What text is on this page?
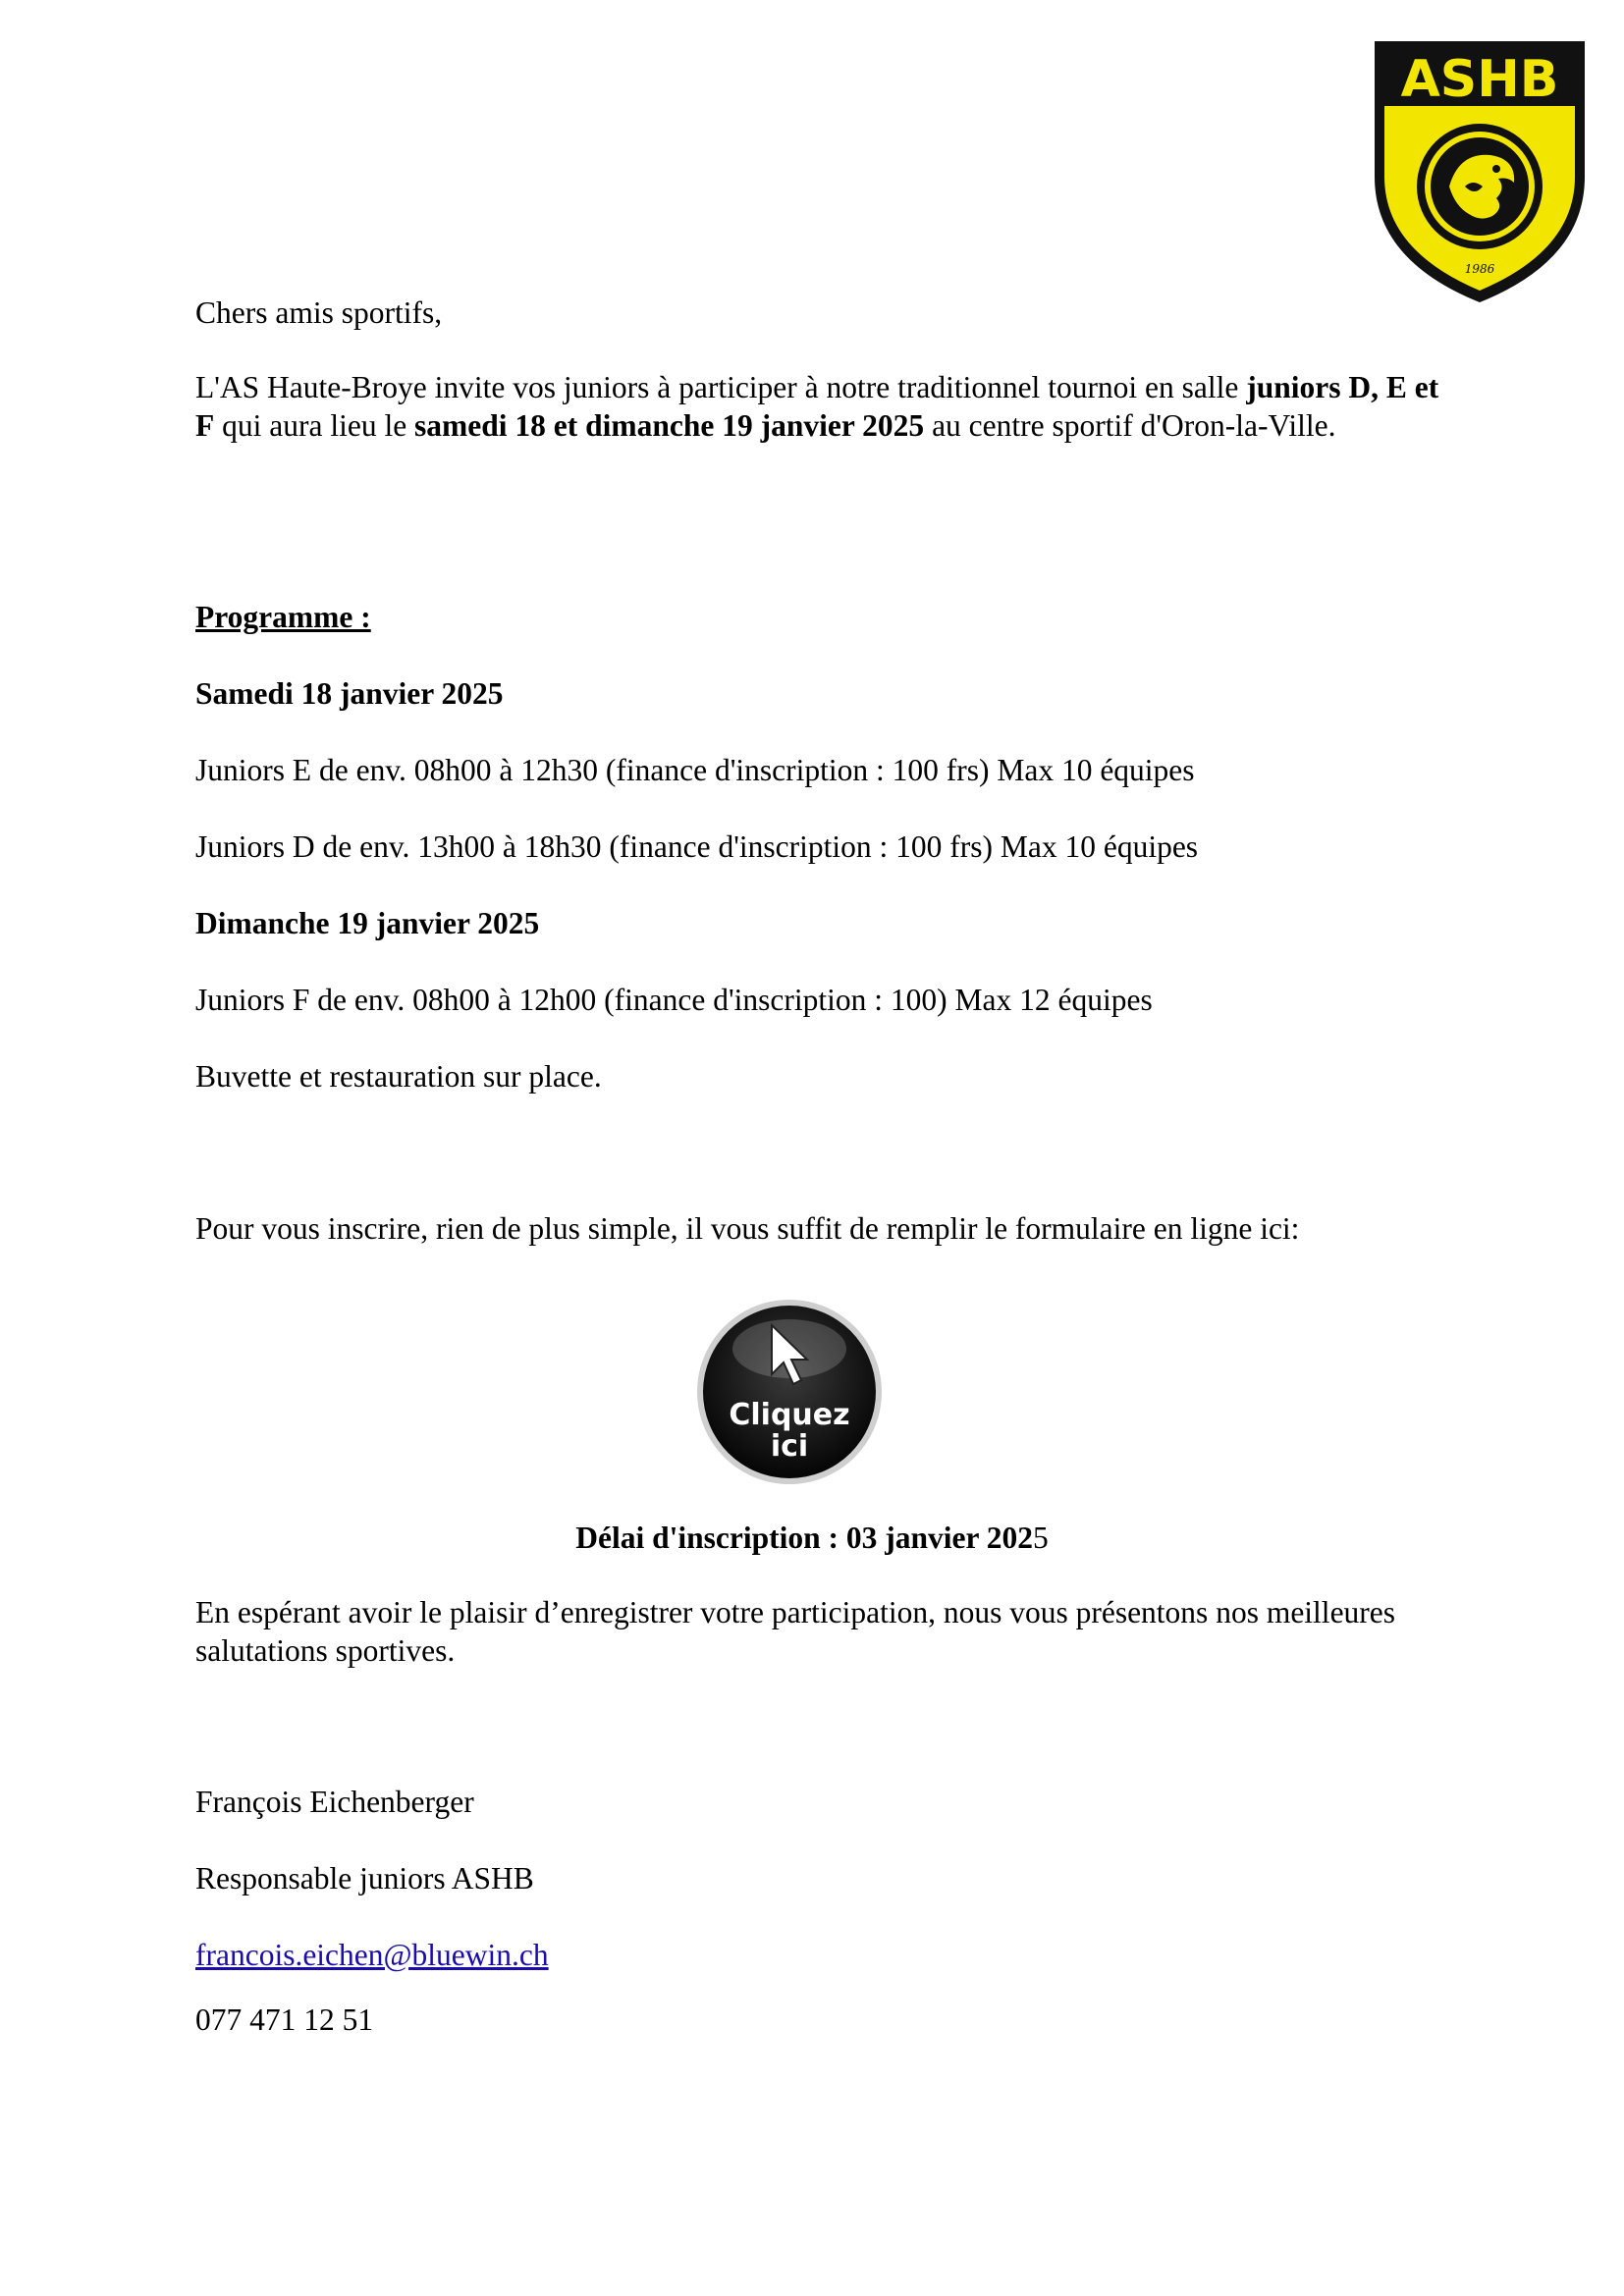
ASHB
1986
Chers amis sportifs,
L'AS Haute-Broye invite vos juniors à participer à notre traditionnel tournoi en salle juniors D, E et F qui aura lieu le samedi 18 et dimanche 19 janvier 2025 au centre sportif d'Oron-la-Ville.
Programme :
Samedi 18 janvier 2025
Juniors E de env. 08h00 à 12h30 (finance d'inscription : 100 frs) Max 10 équipes
Juniors D de env. 13h00 à 18h30 (finance d'inscription : 100 frs) Max 10 équipes
Dimanche 19 janvier 2025
Juniors F de env. 08h00 à 12h00 (finance d'inscription : 100) Max 12 équipes
Buvette et restauration sur place.
Pour vous inscrire, rien de plus simple, il vous suffit de remplir le formulaire en ligne ici:
Cliquez
ici
Délai d'inscription : 03 janvier 2025
En espérant avoir le plaisir d’enregistrer votre participation, nous vous présentons nos meilleures salutations sportives.
François Eichenberger
Responsable juniors ASHB
francois.eichen@bluewin.ch
077 471 12 51
